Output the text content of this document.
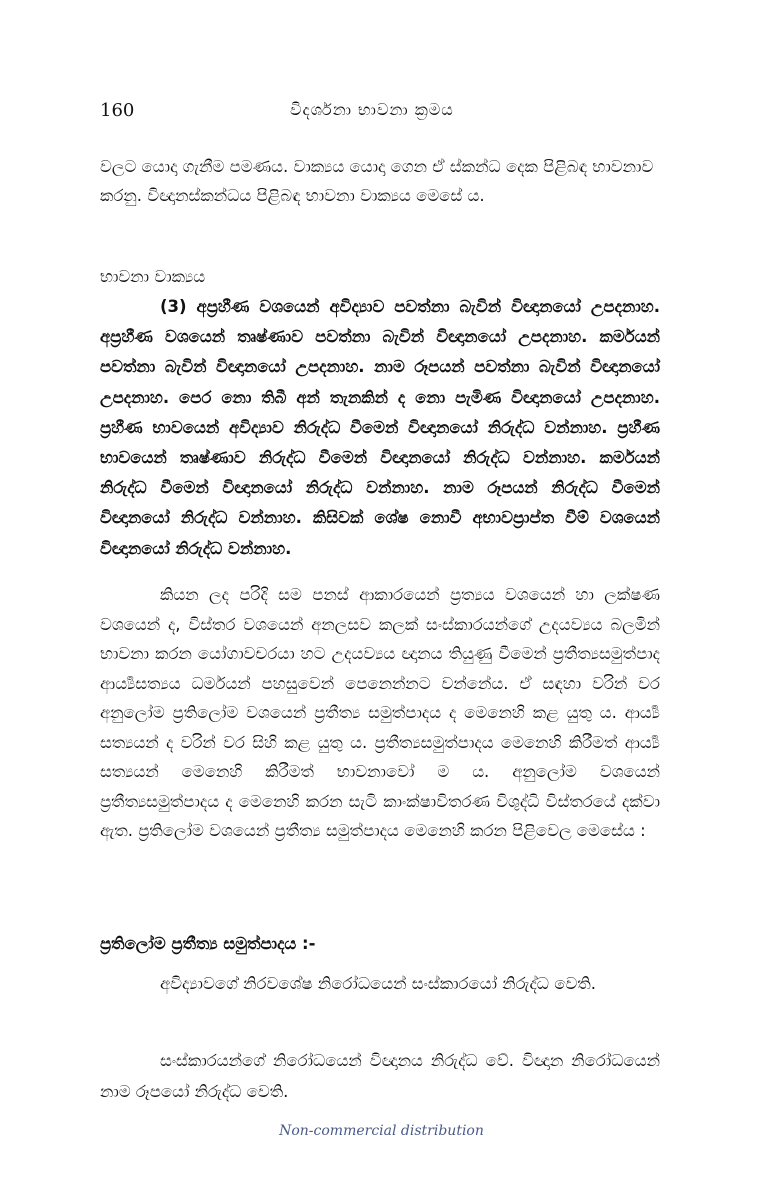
160	විදර්ශනා භාවනා ක්‍රමය
වලට යොදා ගැනීම පමණය. වාක්‍යය යොදා ගෙන ඒ ස්කන්ධ දෙක පිළිබඳ භාවනාව කරනු. විඥානස්කන්ධය පිළිබඳ භාවනා වාක්‍යය මෙසේ ය.
භාවනා වාක්‍යය
(3) අප්‍රහීණ වශයෙන් අවිද්‍යාව පවත්නා බැවින් විඥානයෝ උපදනාහ. අප්‍රහීණ වශයෙන් තෘෂ්ණාව පවත්නා බැවින් විඥානයෝ උපදනාහ. කර්මයන් පවත්නා බැවින් විඥානයෝ උපදනාහ. නාම රූපයන් පවත්නා බැවින් විඥානයෝ උපදනාහ. පෙර නො තිබී අන් තැනකින් ද නො පැමිණ විඥානයෝ උපදනාහ. ප්‍රහීණ භාවයෙන් අවිද්‍යාව නිරුද්ධ වීමෙන් විඥානයෝ නිරුද්ධ වන්නාහ. ප්‍රහීණ භාවයෙන් තෘෂ්ණාව නිරුද්ධ වීමෙන් විඥානයෝ නිරුද්ධ වන්නාහ. කර්මයන් නිරුද්ධ වීමෙන් විඥානයෝ නිරුද්ධ වන්නාහ. නාම රූපයන් නිරුද්ධ වීමෙන් විඥානයෝ නිරුද්ධ වන්නාහ. කිසිවක් ශේෂ නොවී අභාවප්‍රාප්ත වීම් වශයෙන් විඥානයෝ නිරුද්ධ වන්නාහ.
කියන ලද පරිදි සම පනස් ආකාරයෙන් ප්‍රත්‍යය වශයෙන් හා ලක්ෂණ වශයෙන් ද, විස්තර වශයෙන් අනලසව කලක් සංස්කාරයන්ගේ උදයව්‍යය බලමින් භාවනා කරන යෝගාවචරයා හට උදයව්‍යය ඥානය තියුණු වීමෙන් ප්‍රතීත්‍යසමුත්පාද ආර්‍ය්‍යසත්‍යය ධර්මයන් පහසුවෙන් පෙනෙන්නට වන්නේය. ඒ සඳහා වරින් වර අනුලෝම ප්‍රතිලෝම වශයෙන් ප්‍රතීත්‍ය සමුත්පාදය ද මෙනෙහි කළ යුතු ය. ආර්‍ය්‍ය සත්‍යයන් ද වරින් වර සිහි කළ යුතු ය. ප්‍රතීත්‍යසමුත්පාදය මෙනෙහි කිරීමත් ආර්‍ය්‍ය සත්‍යයන් මෙනෙහි කිරීමත් භාවනාවෝ ම ය. අනුලෝම වශයෙන් ප්‍රතීත්‍යසමුත්පාදය ද මෙනෙහි කරන සැටි කාංක්ෂාවිතරණ විශුද්ධි විස්තරයේ දක්වා ඇත. ප්‍රතිලෝම වශයෙන් ප්‍රතීත්‍ය සමුත්පාදය මෙනෙහි කරන පිළිවෙල මෙසේය :
ප්‍රතිලෝම ප්‍රතීත්‍ය සමුත්පාදය :-
අවිද්‍යාවගේ නිරවශේෂ නිරෝධයෙන් සංස්කාරයෝ නිරුද්ධ වෙති.
සංස්කාරයන්ගේ නිරෝධයෙන් විඥානය නිරුද්ධ වේ. විඥාන නිරෝධයෙන් නාම රූපයෝ නිරුද්ධ වෙති.
Non-commercial distribution
